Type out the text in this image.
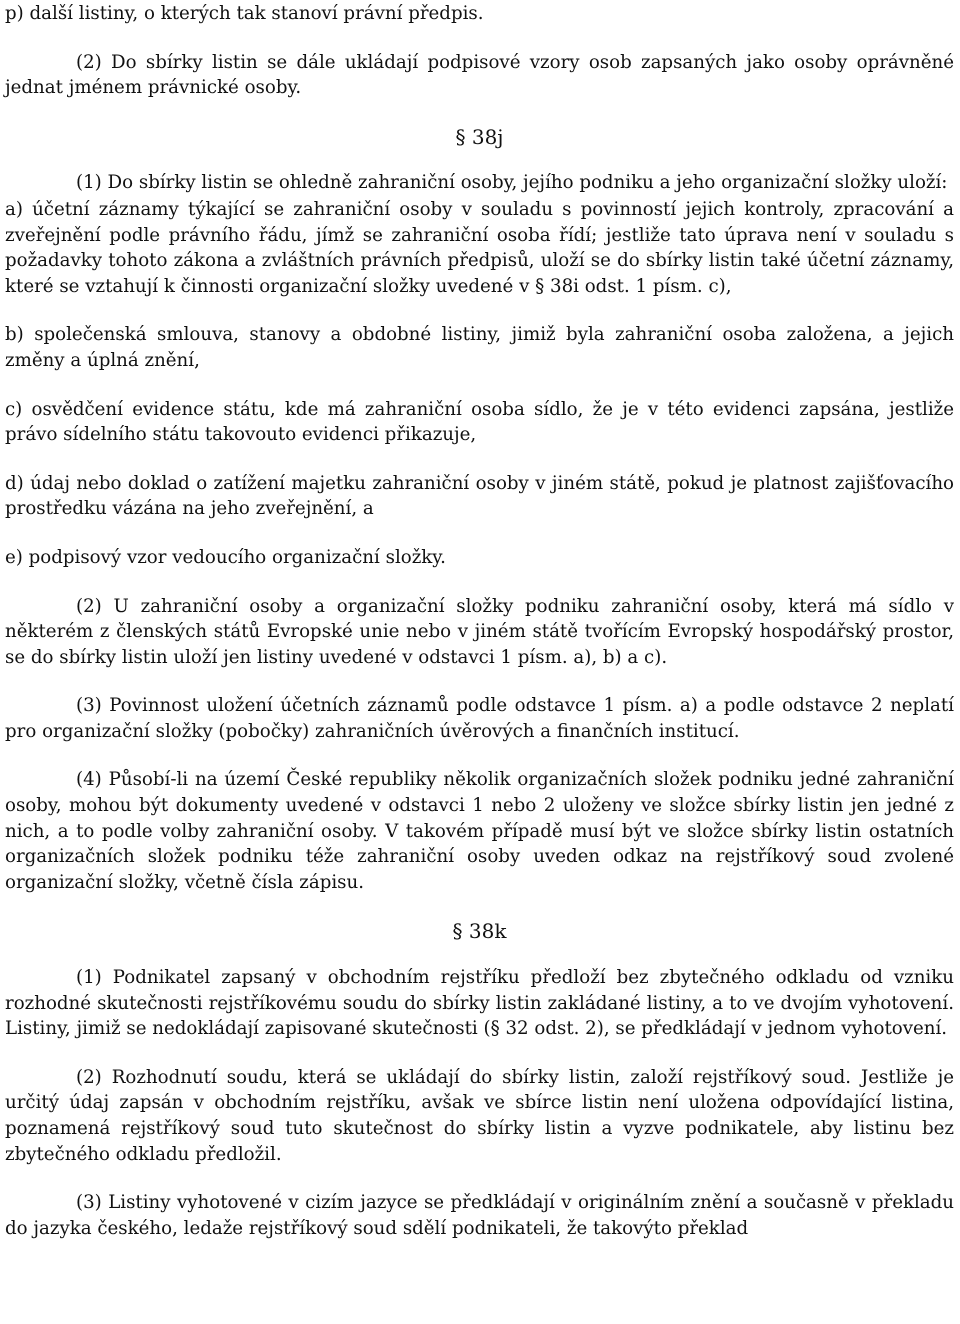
p) další listiny, o kterých tak stanoví právní předpis.

(2) Do sbírky listin se dále ukládají podpisové vzory osob zapsaných jako osoby oprávněné jednat jménem právnické osoby.

§ 38j

(1) Do sbírky listin se ohledně zahraniční osoby, jejího podniku a jeho organizační složky uloží:

a) účetní záznamy týkající se zahraniční osoby v souladu s povinností jejich kontroly, zpracování a zveřejnění podle právního řádu, jímž se zahraniční osoba řídí; jestliže tato úprava není v souladu s požadavky tohoto zákona a zvláštních právních předpisů, uloží se do sbírky listin také účetní záznamy, které se vztahují k činnosti organizační složky uvedené v § 38i odst. 1 písm. c),

b) společenská smlouva, stanovy a obdobné listiny, jimiž byla zahraniční osoba založena, a jejich změny a úplná znění,

c) osvědčení evidence státu, kde má zahraniční osoba sídlo, že je v této evidenci zapsána, jestliže právo sídelního státu takovouto evidenci přikazuje,

d) údaj nebo doklad o zatížení majetku zahraniční osoby v jiném státě, pokud je platnost zajišťovacího prostředku vázána na jeho zveřejnění, a

e) podpisový vzor vedoucího organizační složky.

(2) U zahraniční osoby a organizační složky podniku zahraniční osoby, která má sídlo v některém z členských států Evropské unie nebo v jiném státě tvořícím Evropský hospodářský prostor, se do sbírky listin uloží jen listiny uvedené v odstavci 1 písm. a), b) a c).

(3) Povinnost uložení účetních záznamů podle odstavce 1 písm. a) a podle odstavce 2 neplatí pro organizační složky (pobočky) zahraničních úvěrových a finančních institucí.

(4) Působí-li na území České republiky několik organizačních složek podniku jedné zahraniční osoby, mohou být dokumenty uvedené v odstavci 1 nebo 2 uloženy ve složce sbírky listin jen jedné z nich, a to podle volby zahraniční osoby. V takovém případě musí být ve složce sbírky listin ostatních organizačních složek podniku téže zahraniční osoby uveden odkaz na rejstříkový soud zvolené organizační složky, včetně čísla zápisu.

§ 38k

(1) Podnikatel zapsaný v obchodním rejstříku předloží bez zbytečného odkladu od vzniku rozhodné skutečnosti rejstříkovému soudu do sbírky listin zakládané listiny, a to ve dvojím vyhotovení. Listiny, jimiž se nedokládají zapisované skutečnosti (§ 32 odst. 2), se předkládají v jednom vyhotovení.

(2) Rozhodnutí soudu, která se ukládají do sbírky listin, založí rejstříkový soud. Jestliže je určitý údaj zapsán v obchodním rejstříku, avšak ve sbírce listin není uložena odpovídající listina, poznamená rejstříkový soud tuto skutečnost do sbírky listin a vyzve podnikatele, aby listinu bez zbytečného odkladu předložil.

(3) Listiny vyhotovené v cizím jazyce se předkládají v originálním znění a současně v překladu do jazyka českého, ledaže rejstříkový soud sdělí podnikateli, že takovýto překlad
